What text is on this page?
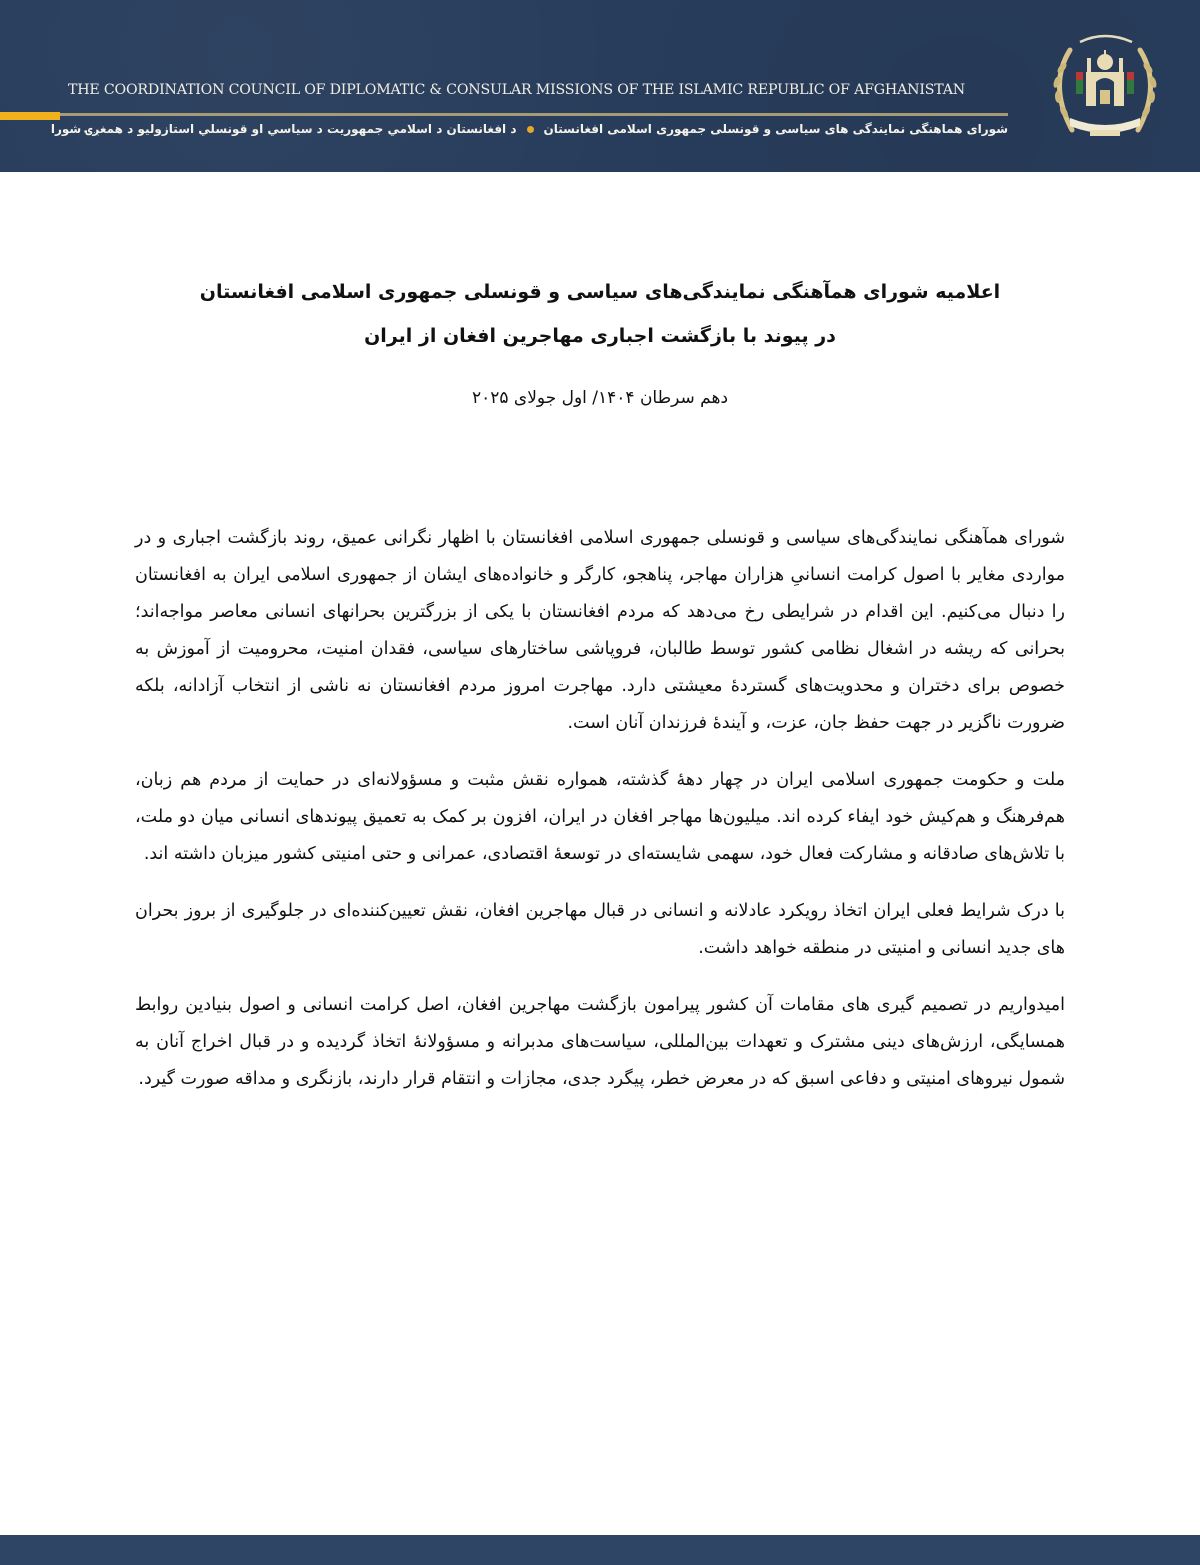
THE COORDINATION COUNCIL OF DIPLOMATIC & CONSULAR MISSIONS OF THE ISLAMIC REPUBLIC OF AFGHANISTAN
شورای هماهنگی نمایندگی های سیاسی و قونسلی جمهوری اسلامی افغانستاند افغانستان د اسلامي جمهوریت د سیاسي او قونسلي استازولیو د همغږۍ شورا

اعلامیه شورای همآهنگی نمایندگی‌های سیاسی و قونسلی جمهوری اسلامی افغانستان

در پیوند با بازگشت اجباری مهاجرین افغان از ایران

دهم سرطان ۱۴۰۴/ اول جولای ۲۰۲۵

شورای همآهنگی نمایندگی‌های سیاسی و قونسلی جمهوری اسلامی افغانستان با اظهار نگرانی عمیق، روند بازگشت اجباری و در مواردی مغایر با اصول کرامت انسانیِ هزاران مهاجر، پناهجو، کارگر و خانواده‌های ایشان از جمهوری اسلامی ایران به افغانستان را دنبال می‌کنیم. این اقدام در شرایطی رخ می‌دهد که مردم افغانستان با یکی از بزرگترین بحرانهای انسانی معاصر مواجه‌اند؛ بحرانی که ریشه در اشغال نظامی کشور توسط طالبان، فروپاشی ساختارهای سیاسی، فقدان امنیت، محرومیت از آموزش به خصوص برای دختران و محدویت‌های گستردهٔ معیشتی دارد. مهاجرت امروز مردم افغانستان نه ناشی از انتخاب آزادانه، بلکه ضرورت ناگزیر در جهت حفظ جان، عزت، و آیندهٔ فرزندان آنان است.

ملت و حکومت جمهوری اسلامی ایران در چهار دههٔ گذشته، همواره نقش مثبت و مسؤولانه‌ای در حمایت از مردم هم زبان، هم‌فرهنگ و هم‌کیش خود ایفاء کرده اند. میلیون‌ها مهاجر افغان در ایران، افزون بر کمک به تعمیق پیوندهای انسانی میان دو ملت، با تلاش‌های صادقانه و مشارکت فعال خود، سهمی شایسته‌ای در توسعهٔ اقتصادی، عمرانی و حتی امنیتی کشور میزبان داشته اند.

با درک شرایط فعلی ایران اتخاذ رویکرد عادلانه و انسانی در قبال مهاجرین افغان، نقش تعیین‌کننده‌ای در جلوگیری از بروز بحران های جدید انسانی و امنیتی در منطقه خواهد داشت.

امیدواریم در تصمیم گیری های مقامات آن کشور پیرامون بازگشت مهاجرین افغان، اصل کرامت انسانی و اصول بنیادین روابط همسایگی، ارزش‌های دینی مشترک و تعهدات بین‌المللی، سیاست‌های مدبرانه و مسؤولانهٔ اتخاذ گردیده و در قبال اخراج آنان به شمول نیروهای امنیتی و دفاعی اسبق که در معرض خطر، پیگرد جدی، مجازات و انتقام قرار دارند، بازنگری و مداقه صورت گیرد.
